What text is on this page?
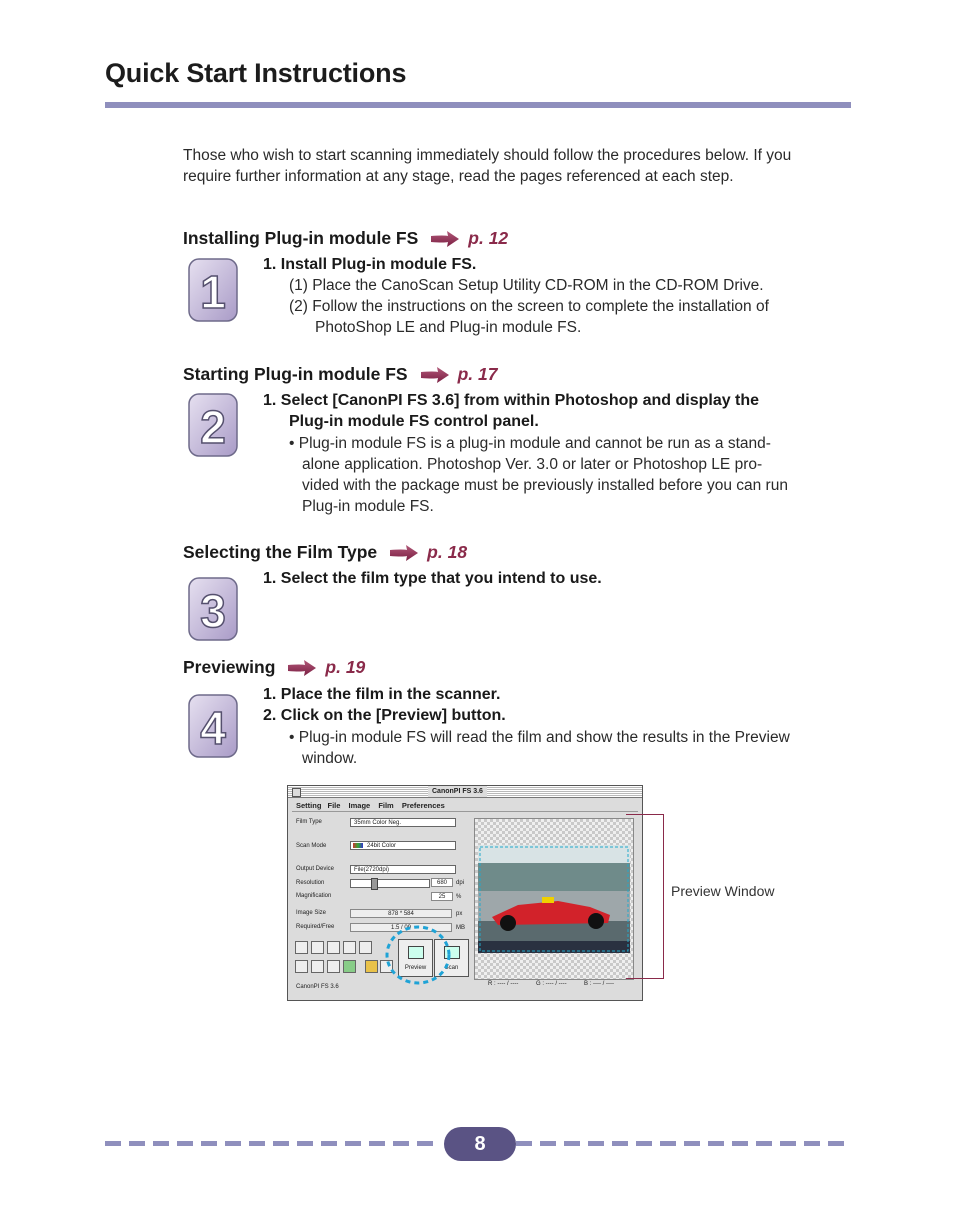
Quick Start Instructions
Those who wish to start scanning immediately should follow the procedures below. If you require further information at any stage, read the pages referenced at each step.
Installing Plug-in module FS	p. 12
1
1. Install Plug-in module FS.
(1) Place the CanoScan Setup Utility CD-ROM in the CD-ROM Drive.
(2) Follow the instructions on the screen to complete the installation of
PhotoShop LE and Plug-in module FS.
Starting Plug-in module FS	p. 17
2
1. Select [CanonPI FS 3.6] from within Photoshop and display the
Plug-in module FS control panel.
• Plug-in module FS is a plug-in module and cannot be run as a stand-
alone application. Photoshop Ver. 3.0 or later or Photoshop LE pro-
vided with the package must be previously installed before you can run
Plug-in module FS.
Selecting the Film Type	p. 18
3
1. Select the film type that you intend to use.
Previewing	p. 19
4
1. Place the film in the scanner.
2. Click on the [Preview] button.
• Plug-in module FS will read the film and show the results in the Preview
window.
CanonPI FS 3.6
Setting File Image Film Preferences
Film Type	35mm Color Neg.
Scan Mode	24bit Color
Output Device	File(2720dpi)
Resolution	680	dpi
Magnification	25	%
Image Size	878 * 584	px
Required/Free	1.5 / 09	MB
Preview	Scan
CanonPI FS 3.6	R : ---- / ----	G : ---- / ----	B : ---- / ----
Preview Window
8
